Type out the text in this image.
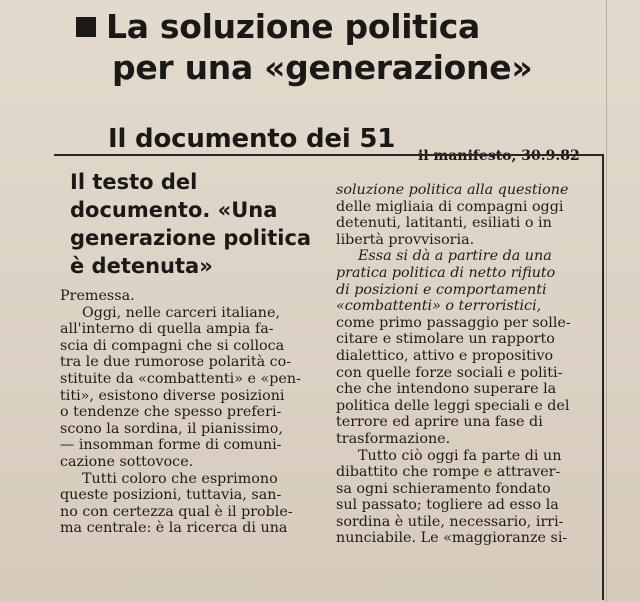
La soluzione politica
per una «generazione»
Il documento dei 51
il manifesto, 30.9.82
Il testo del
documento. «Una
generazione politica
è detenuta»
Premessa.
Oggi, nelle carceri italiane,
all'interno di quella ampia fa-
scia di compagni che si colloca
tra le due rumorose polarità co-
stituite da «combattenti» e «pen-
titi», esistono diverse posizioni
o tendenze che spesso preferi-
scono la sordina, il pianissimo,
— insomman forme di comuni-
cazione sottovoce.
Tutti coloro che esprimono
queste posizioni, tuttavia, san-
no con certezza qual è il proble-
ma centrale: è la ricerca di una
soluzione politica alla questione
delle migliaia di compagni oggi
detenuti, latitanti, esiliati o in
libertà provvisoria.
Essa si dà a partire da una
pratica politica di netto rifiuto
di posizioni e comportamenti
«combattenti» o terroristici,
come primo passaggio per solle-
citare e stimolare un rapporto
dialettico, attivo e propositivo
con quelle forze sociali e politi-
che che intendono superare la
politica delle leggi speciali e del
terrore ed aprire una fase di
trasformazione.
Tutto ciò oggi fa parte di un
dibattito che rompe e attraver-
sa ogni schieramento fondato
sul passato; togliere ad esso la
sordina è utile, necessario, irri-
nunciabile. Le «maggioranze si-
